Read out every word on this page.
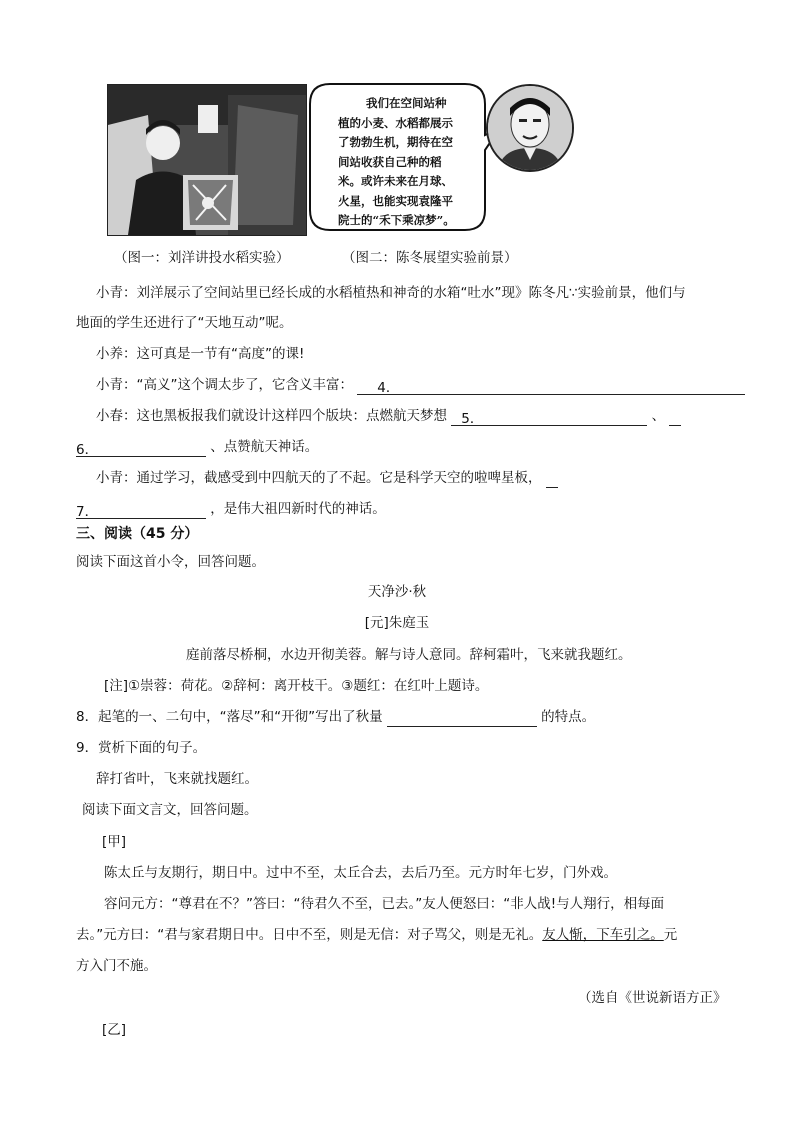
我们在空间站种
植的小麦、水稻都展示
了勃勃生机，期待在空
间站收获自己种的稻
米。或许未来在月球、
火星，也能实现袁隆平
院士的“禾下乘凉梦”。
（图一：刘洋讲投水稻实验）	（图二：陈冬展望实验前景）
小青：刘洋展示了空间站里已经长成的水稻植热和神奇的水箱“吐水”现》陈冬凡∵实验前景，他们与
地面的学生还进行了“天地互动”呢。
小养：这可真是一节有“高度”的课!
小青：“高义”这个调太步了，它含义丰富： 4．
小春：这也黑板报我们就设计这样四个版块：点燃航天梦想 5．	、
6．	、点赞航天神话。
小青：通过学习，截感受到中四航天的了不起。它是科学天空的啦啤星板，
7．	，是伟大祖四新时代的神话。
三、阅读（45 分）
阅读下面这首小令，回答问题。
天净沙·秋
[元]朱庭玉
庭前落尽桥桐，水边开彻美蓉。解与诗人意同。辞柯霜叶，飞来就我题红。
[注]①崇蓉：荷花。②辞柯：离开枝干。③题红：在红叶上题诗。
8．起笔的一、二句中，“落尽”和“开彻”写出了秋量	的特点。
9．赏析下面的句子。
辞打省叶，飞来就找题红。
阅读下面文言文，回答问题。
[甲]
陈太丘与友期行，期日中。过中不至，太丘合去，去后乃至。元方时年七岁，门外戏。
容问元方：“尊君在不？”答曰：“待君久不至，已去。”友人便怒曰：“非人战!与人翔行，相每面
去。”元方曰：“君与家君期日中。日中不至，则是无信：对子骂父，则是无礼。友人惭，下车引之。元
方入门不施。
（选自《世说新语方正》
[乙]
